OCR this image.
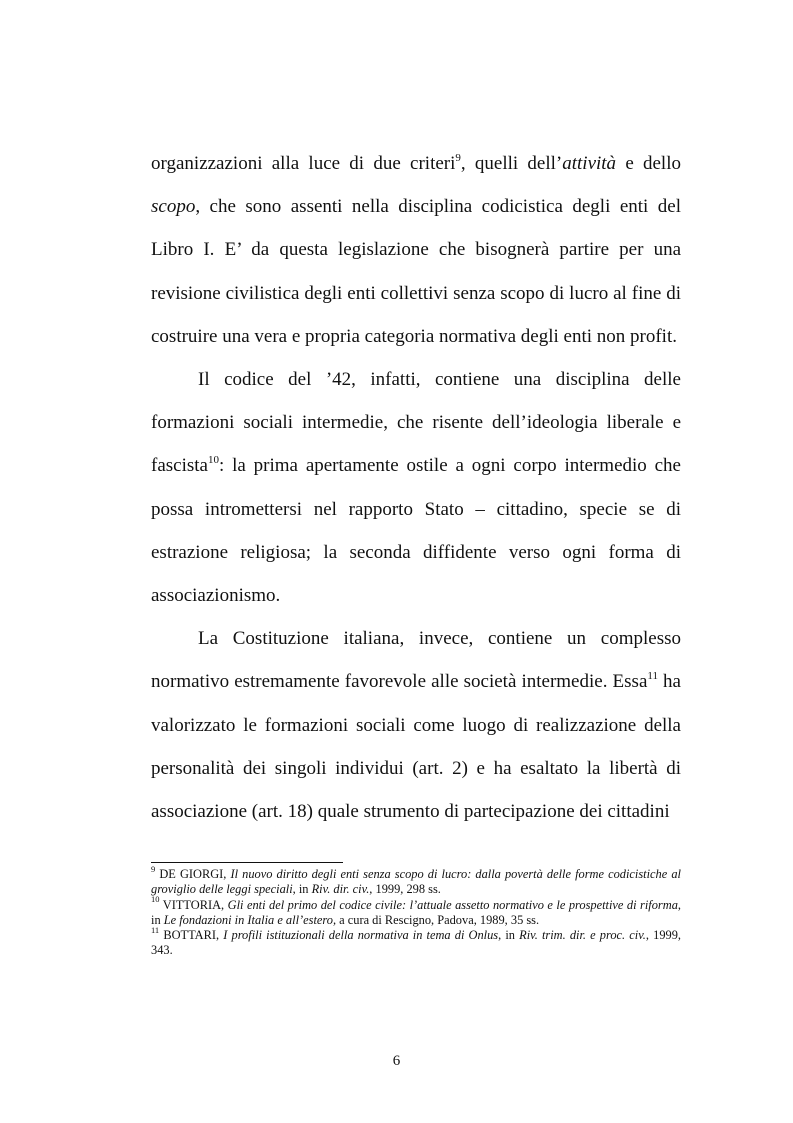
organizzazioni alla luce di due criteri$^9$, quelli dell’attività e dello scopo, che sono assenti nella disciplina codicistica degli enti del Libro I. E’ da questa legislazione che bisognerà partire per una revisione civilistica degli enti collettivi senza scopo di lucro al fine di costruire una vera e propria categoria normativa degli enti non profit.

Il codice del ’42, infatti, contiene una disciplina delle formazioni sociali intermedie, che risente dell’ideologia liberale e fascista$^{10}$: la prima apertamente ostile a ogni corpo intermedio che possa intromettersi nel rapporto Stato – cittadino, specie se di estrazione religiosa; la seconda diffidente verso ogni forma di associazionismo.

La Costituzione italiana, invece, contiene un complesso normativo estremamente favorevole alle società intermedie. Essa$^{11}$ ha valorizzato le formazioni sociali come luogo di realizzazione della personalità dei singoli individui (art. 2) e ha esaltato la libertà di associazione (art. 18) quale strumento di partecipazione dei cittadini

$^9$ DE GIORGI, Il nuovo diritto degli enti senza scopo di lucro: dalla povertà delle forme codicistiche al groviglio delle leggi speciali, in Riv. dir. civ., 1999, 298 ss.

$^{10}$ VITTORIA, Gli enti del primo del codice civile: l’attuale assetto normativo e le prospettive di riforma, in Le fondazioni in Italia e all’estero, a cura di Rescigno, Padova, 1989, 35 ss.

$^{11}$ BOTTARI, I profili istituzionali della normativa in tema di Onlus, in Riv. trim. dir. e proc. civ., 1999, 343.

6
